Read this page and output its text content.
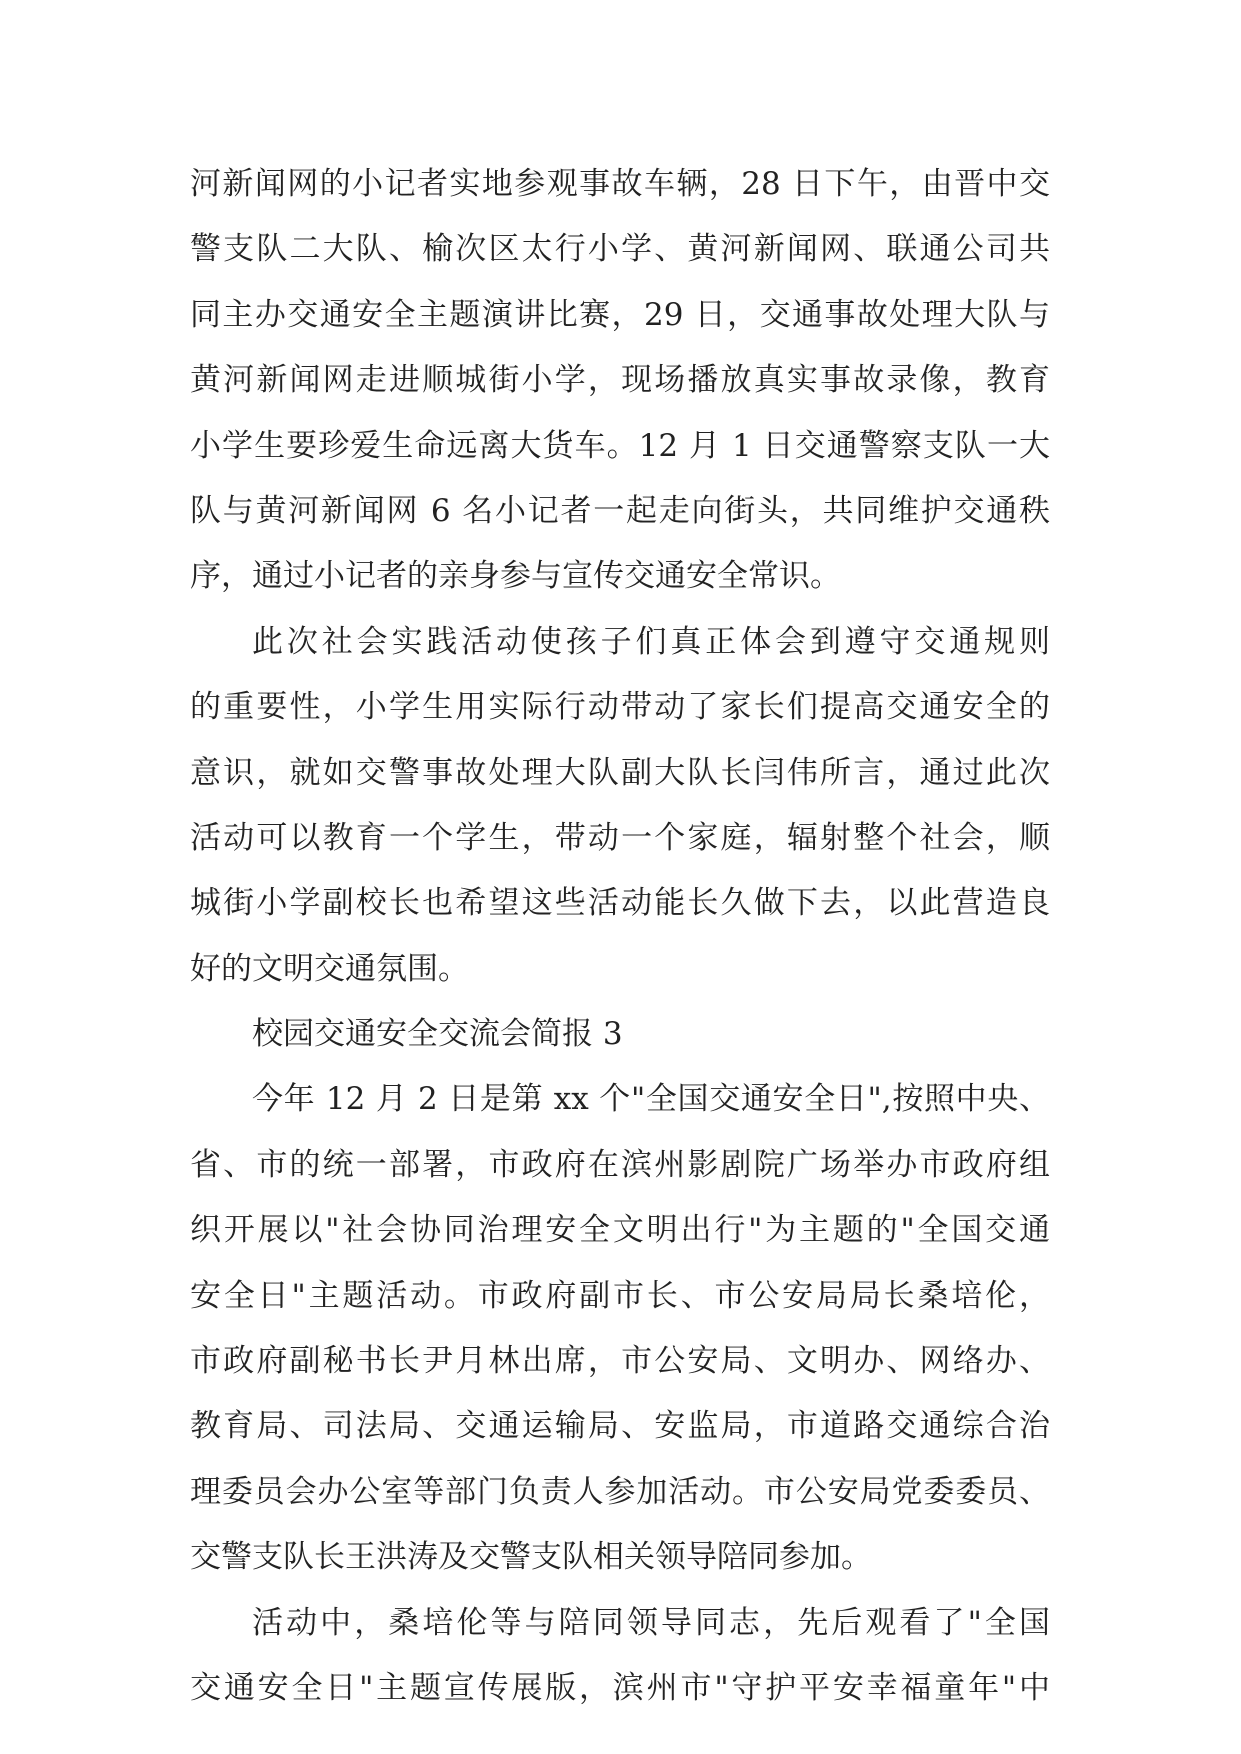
河新闻网的小记者实地参观事故车辆，28 日下午，由晋中交
警支队二大队、榆次区太行小学、黄河新闻网、联通公司共
同主办交通安全主题演讲比赛，29 日，交通事故处理大队与
黄河新闻网走进顺城街小学，现场播放真实事故录像，教育
小学生要珍爱生命远离大货车。12 月 1 日交通警察支队一大
队与黄河新闻网 6 名小记者一起走向街头，共同维护交通秩
序，通过小记者的亲身参与宣传交通安全常识。
此次社会实践活动使孩子们真正体会到遵守交通规则
的重要性，小学生用实际行动带动了家长们提高交通安全的
意识，就如交警事故处理大队副大队长闫伟所言，通过此次
活动可以教育一个学生，带动一个家庭，辐射整个社会，顺
城街小学副校长也希望这些活动能长久做下去，以此营造良
好的文明交通氛围。
校园交通安全交流会简报 3
今年 12 月 2 日是第 xx 个"全国交通安全日",按照中央、
省、市的统一部署，市政府在滨州影剧院广场举办市政府组
织开展以"社会协同治理安全文明出行"为主题的"全国交通
安全日"主题活动。市政府副市长、市公安局局长桑培伦，
市政府副秘书长尹月林出席，市公安局、文明办、网络办、
教育局、司法局、交通运输局、安监局，市道路交通综合治
理委员会办公室等部门负责人参加活动。市公安局党委委员、
交警支队长王洪涛及交警支队相关领导陪同参加。
活动中，桑培伦等与陪同领导同志，先后观看了"全国
交通安全日"主题宣传展版，滨州市"守护平安幸福童年"中
